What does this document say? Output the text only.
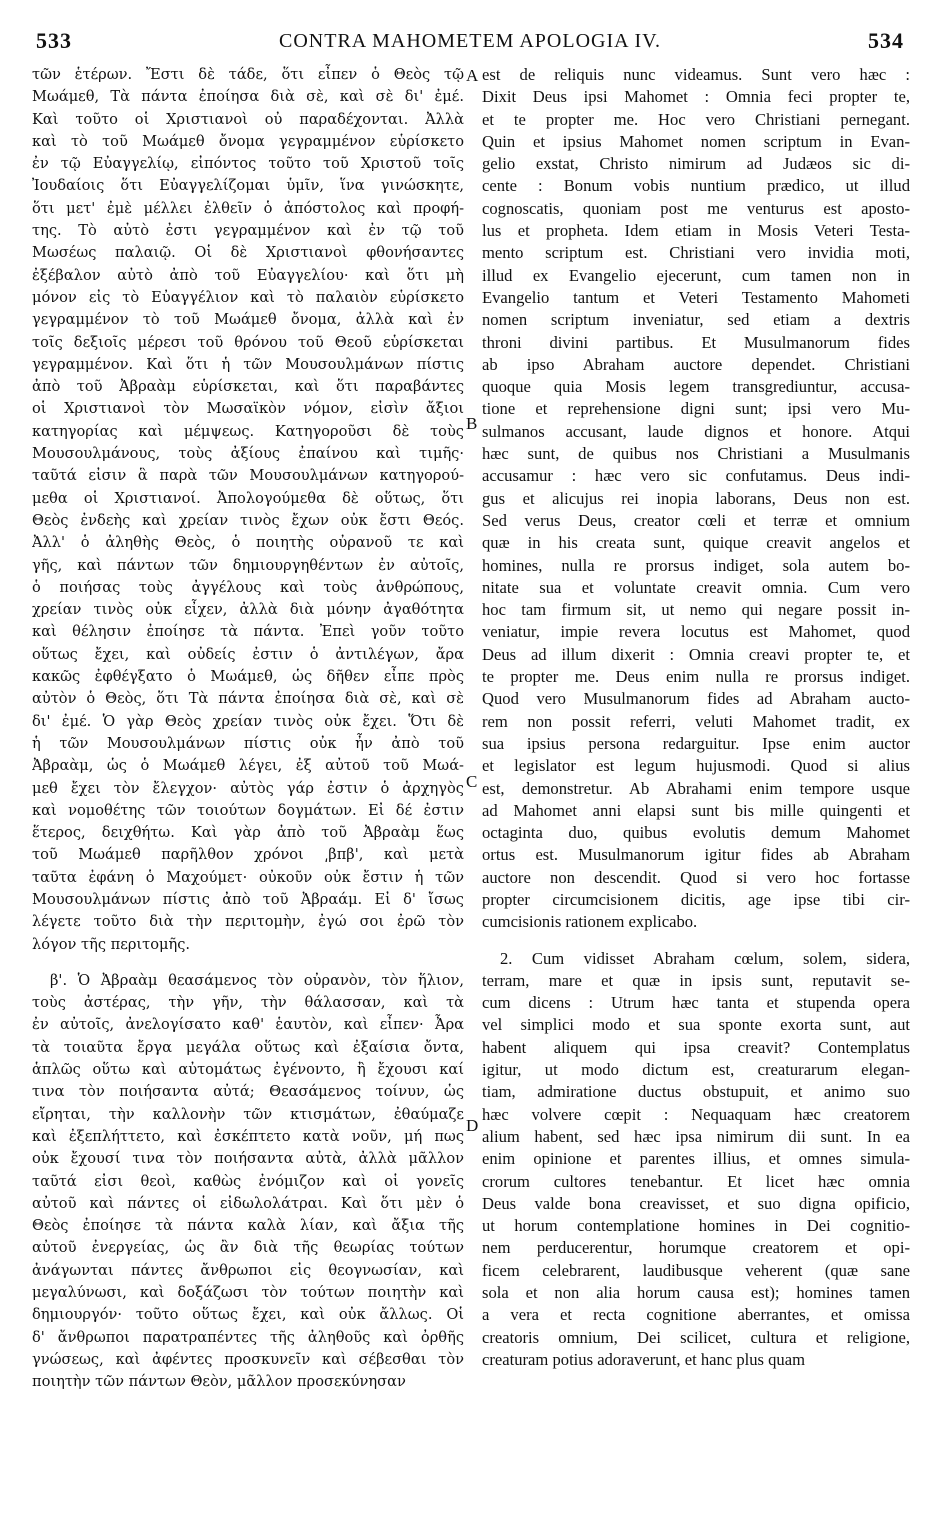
533	CONTRA MAHOMETEM APOLOGIA IV.	534
τῶν ἑτέρων. Ἔστι δὲ τάδε, ὅτι εἶπεν ὁ Θεὸς τῷ
Μωάμεθ, Τὰ πάντα ἐποίησα διὰ σὲ, καὶ σὲ δι' ἐμέ.
Καὶ τοῦτο οἱ Χριστιανοὶ οὐ παραδέχονται. Ἀλλὰ
καὶ τὸ τοῦ Μωάμεθ ὄνομα γεγραμμένον εὑρίσκετο
ἐν τῷ Εὐαγγελίῳ, εἰπόντος τοῦτο τοῦ Χριστοῦ τοῖς
Ἰουδαίοις ὅτι Εὐαγγελίζομαι ὑμῖν, ἵνα γινώσκητε,
ὅτι μετ' ἐμὲ μέλλει ἐλθεῖν ὁ ἀπόστολος καὶ προφή-
της. Τὸ αὐτὸ ἐστι γεγραμμένον καὶ ἐν τῷ τοῦ
Μωσέως παλαιῷ. Οἱ δὲ Χριστιανοὶ φθονήσαντες
ἐξέβαλον αὐτὸ ἀπὸ τοῦ Εὐαγγελίου· καὶ ὅτι μὴ
μόνον εἰς τὸ Εὐαγγέλιον καὶ τὸ παλαιὸν εὑρίσκετο
γεγραμμένον τὸ τοῦ Μωάμεθ ὄνομα, ἀλλὰ καὶ ἐν
τοῖς δεξιοῖς μέρεσι τοῦ θρόνου τοῦ Θεοῦ εὑρίσκεται
γεγραμμένον. Καὶ ὅτι ἡ τῶν Μουσουλμάνων πίστις
ἀπὸ τοῦ Ἀβραὰμ εὑρίσκεται, καὶ ὅτι παραβάντες
οἱ Χριστιανοὶ τὸν Μωσαϊκὸν νόμον, εἰσὶν ἄξιοι
κατηγορίας καὶ μέμψεως. Κατηγοροῦσι δὲ τοὺς
Μουσουλμάνους, τοὺς ἀξίους ἐπαίνου καὶ τιμῆς·
ταῦτά εἰσιν ἃ παρὰ τῶν Μουσουλμάνων κατηγορού-
μεθα οἱ Χριστιανοί. Ἀπολογούμεθα δὲ οὕτως, ὅτι
Θεὸς ἐνδεὴς καὶ χρείαν τινὸς ἔχων οὐκ ἔστι Θεός.
Ἀλλ' ὁ ἀληθὴς Θεὸς, ὁ ποιητὴς οὐρανοῦ τε καὶ
γῆς, καὶ πάντων τῶν δημιουργηθέντων ἐν αὐτοῖς,
ὁ ποιήσας τοὺς ἀγγέλους καὶ τοὺς ἀνθρώπους,
χρείαν τινὸς οὐκ εἶχεν, ἀλλὰ διὰ μόνην ἀγαθότητα
καὶ θέλησιν ἐποίησε τὰ πάντα. Ἐπεὶ γοῦν τοῦτο
οὕτως ἔχει, καὶ οὐδείς ἐστιν ὁ ἀντιλέγων, ἄρα
κακῶς ἐφθέγξατο ὁ Μωάμεθ, ὡς δῆθεν εἶπε πρὸς
αὐτὸν ὁ Θεὸς, ὅτι Τὰ πάντα ἐποίησα διὰ σὲ, καὶ σὲ
δι' ἐμέ. Ὁ γὰρ Θεὸς χρείαν τινὸς οὐκ ἔχει. Ὅτι δὲ
ἡ τῶν Μουσουλμάνων πίστις οὐκ ἦν ἀπὸ τοῦ
Ἀβραὰμ, ὡς ὁ Μωάμεθ λέγει, ἐξ αὐτοῦ τοῦ Μωά-
μεθ ἔχει τὸν ἔλεγχον· αὐτὸς γάρ ἐστιν ὁ ἀρχηγὸς
καὶ νομοθέτης τῶν τοιούτων δογμάτων. Εἰ δέ ἐστιν
ἕτερος, δειχθήτω. Καὶ γὰρ ἀπὸ τοῦ Ἀβραὰμ ἕως
τοῦ Μωάμεθ παρῆλθον χρόνοι ͵βπβ', καὶ μετὰ
ταῦτα ἐφάνη ὁ Μαχούμετ· οὐκοῦν οὐκ ἔστιν ἡ τῶν
Μουσουλμάνων πίστις ἀπὸ τοῦ Ἀβραάμ. Εἰ δ' ἴσως
λέγετε τοῦτο διὰ τὴν περιτομὴν, ἐγώ σοι ἐρῶ τὸν
λόγον τῆς περιτομῆς.
β'. Ὁ Ἀβραὰμ θεασάμενος τὸν οὐρανὸν, τὸν ἥλιον,
τοὺς ἀστέρας, τὴν γῆν, τὴν θάλασσαν, καὶ τὰ
ἐν αὐτοῖς, ἀνελογίσατο καθ' ἑαυτὸν, καὶ εἶπεν· Ἆρα
τὰ τοιαῦτα ἔργα μεγάλα οὕτως καὶ ἐξαίσια ὄντα,
ἁπλῶς οὕτω καὶ αὐτομάτως ἐγένοντο, ἢ ἔχουσι καί
τινα τὸν ποιήσαντα αὐτά; Θεασάμενος τοίνυν, ὡς
εἴρηται, τὴν καλλονὴν τῶν κτισμάτων, ἐθαύμαζε
καὶ ἐξεπλήττετο, καὶ ἐσκέπτετο κατὰ νοῦν, μή πως
οὐκ ἔχουσί τινα τὸν ποιήσαντα αὐτὰ, ἀλλὰ μᾶλλον
ταῦτά εἰσι θεοὶ, καθὼς ἐνόμιζον καὶ οἱ γονεῖς
αὐτοῦ καὶ πάντες οἱ εἰδωλολάτραι. Καὶ ὅτι μὲν ὁ
Θεὸς ἐποίησε τὰ πάντα καλὰ λίαν, καὶ ἄξια τῆς
αὐτοῦ ἐνεργείας, ὡς ἂν διὰ τῆς θεωρίας τούτων
ἀνάγωνται πάντες ἄνθρωποι εἰς θεογνωσίαν, καὶ
μεγαλύνωσι, καὶ δοξάζωσι τὸν τούτων ποιητὴν καὶ
δημιουργόν· τοῦτο οὕτως ἔχει, καὶ οὐκ ἄλλως. Οἱ
δ' ἄνθρωποι παρατραπέντες τῆς ἀληθοῦς καὶ ὀρθῆς
γνώσεως, καὶ ἀφέντες προσκυνεῖν καὶ σέβεσθαι τὸν
ποιητὴν τῶν πάντων Θεὸν, μᾶλλον προσεκύνησαν
est de reliquis nunc videamus. Sunt vero hæc :
Dixit Deus ipsi Mahomet : Omnia feci propter te,
et te propter me. Hoc vero Christiani pernegant.
Quin et ipsius Mahomet nomen scriptum in Evan-
gelio exstat, Christo nimirum ad Judæos sic di-
cente : Bonum vobis nuntium prædico, ut illud
cognoscatis, quoniam post me venturus est aposto-
lus et propheta. Idem etiam in Mosis Veteri Testa-
mento scriptum est. Christiani vero invidia moti,
illud ex Evangelio ejecerunt, cum tamen non in
Evangelio tantum et Veteri Testamento Mahometi
nomen scriptum inveniatur, sed etiam a dextris
throni divini partibus. Et Musulmanorum fides
ab ipso Abraham auctore dependet. Christiani
quoque quia Mosis legem transgrediuntur, accusa-
tione et reprehensione digni sunt; ipsi vero Mu-
sulmanos accusant, laude dignos et honore. Atqui
hæc sunt, de quibus nos Christiani a Musulmanis
accusamur : hæc vero sic confutamus. Deus indi-
gus et alicujus rei inopia laborans, Deus non est.
Sed verus Deus, creator cœli et terræ et omnium
quæ in his creata sunt, quique creavit angelos et
homines, nulla re prorsus indiget, sola autem bo-
nitate sua et voluntate creavit omnia. Cum vero
hoc tam firmum sit, ut nemo qui negare possit in-
veniatur, impie revera locutus est Mahomet, quod
Deus ad illum dixerit : Omnia creavi propter te, et
te propter me. Deus enim nulla re prorsus indiget.
Quod vero Musulmanorum fides ad Abraham aucto-
rem non possit referri, veluti Mahomet tradit, ex
sua ipsius persona redarguitur. Ipse enim auctor
et legislator est legum hujusmodi. Quod si alius
est, demonstretur. Ab Abrahami enim tempore usque
ad Mahomet anni elapsi sunt bis mille quingenti et
octaginta duo, quibus evolutis demum Mahomet
ortus est. Musulmanorum igitur fides ab Abraham
auctore non descendit. Quod si vero hoc fortasse
propter circumcisionem dicitis, age ipse tibi cir-
cumcisionis rationem explicabo.
2. Cum vidisset Abraham cœlum, solem, sidera,
terram, mare et quæ in ipsis sunt, reputavit se-
cum dicens : Utrum hæc tanta et stupenda opera
vel simplici modo et sua sponte exorta sunt, aut
habent aliquem qui ipsa creavit? Contemplatus
igitur, ut modo dictum est, creaturarum elegan-
tiam, admiratione ductus obstupuit, et animo suo
hæc volvere cœpit : Nequaquam hæc creatorem
alium habent, sed hæc ipsa nimirum dii sunt. In ea
enim opinione et parentes illius, et omnes simula-
crorum cultores tenebantur. Et licet hæc omnia
Deus valde bona creavisset, et suo digna opificio,
ut horum contemplatione homines in Dei cognitio-
nem perducerentur, horumque creatorem et opi-
ficem celebrarent, laudibusque veherent (quæ sane
sola et non alia horum causa est); homines tamen
a vera et recta cognitione aberrantes, et omissa
creatoris omnium, Dei scilicet, cultura et religione,
creaturam potius adoraverunt, et hanc plus quam
A
B
C
D
